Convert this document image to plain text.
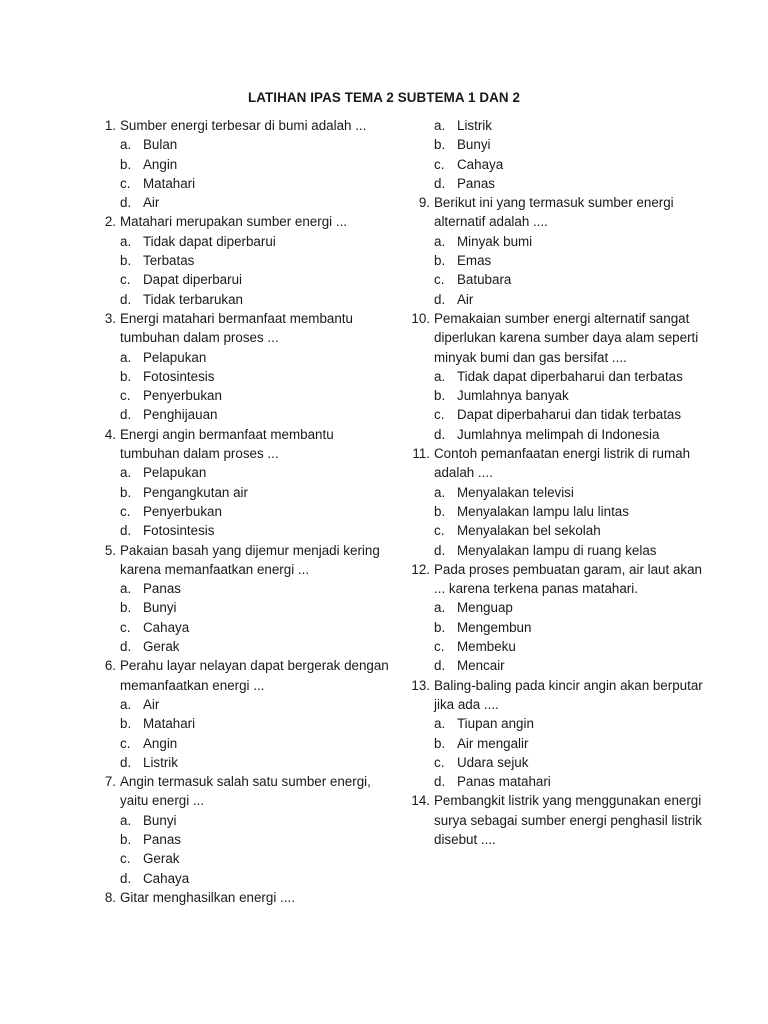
LATIHAN IPAS TEMA 2 SUBTEMA 1 DAN 2
1. Sumber energi terbesar di bumi adalah ...
a. Bulan
b. Angin
c. Matahari
d. Air
2. Matahari merupakan sumber energi ...
a. Tidak dapat diperbarui
b. Terbatas
c. Dapat diperbarui
d. Tidak terbarukan
3. Energi matahari bermanfaat membantu tumbuhan dalam proses ...
a. Pelapukan
b. Fotosintesis
c. Penyerbukan
d. Penghijauan
4. Energi angin bermanfaat membantu tumbuhan dalam proses ...
a. Pelapukan
b. Pengangkutan air
c. Penyerbukan
d. Fotosintesis
5. Pakaian basah yang dijemur menjadi kering karena memanfaatkan energi ...
a. Panas
b. Bunyi
c. Cahaya
d. Gerak
6. Perahu layar nelayan dapat bergerak dengan memanfaatkan energi ...
a. Air
b. Matahari
c. Angin
d. Listrik
7. Angin termasuk salah satu sumber energi, yaitu energi ...
a. Bunyi
b. Panas
c. Gerak
d. Cahaya
8. Gitar menghasilkan energi ....
a. Listrik
b. Bunyi
c. Cahaya
d. Panas
9. Berikut ini yang termasuk sumber energi alternatif adalah ....
a. Minyak bumi
b. Emas
c. Batubara
d. Air
10. Pemakaian sumber energi alternatif sangat diperlukan karena sumber daya alam seperti minyak bumi dan gas bersifat ....
a. Tidak dapat diperbaharui dan terbatas
b. Jumlahnya banyak
c. Dapat diperbaharui dan tidak terbatas
d. Jumlahnya melimpah di Indonesia
11. Contoh pemanfaatan energi listrik di rumah adalah ....
a. Menyalakan televisi
b. Menyalakan lampu lalu lintas
c. Menyalakan bel sekolah
d. Menyalakan lampu di ruang kelas
12. Pada proses pembuatan garam, air laut akan ... karena terkena panas matahari.
a. Menguap
b. Mengembun
c. Membeku
d. Mencair
13. Baling-baling pada kincir angin akan berputar jika ada ....
a. Tiupan angin
b. Air mengalir
c. Udara sejuk
d. Panas matahari
14. Pembangkit listrik yang menggunakan energi surya sebagai sumber energi penghasil listrik disebut ....
